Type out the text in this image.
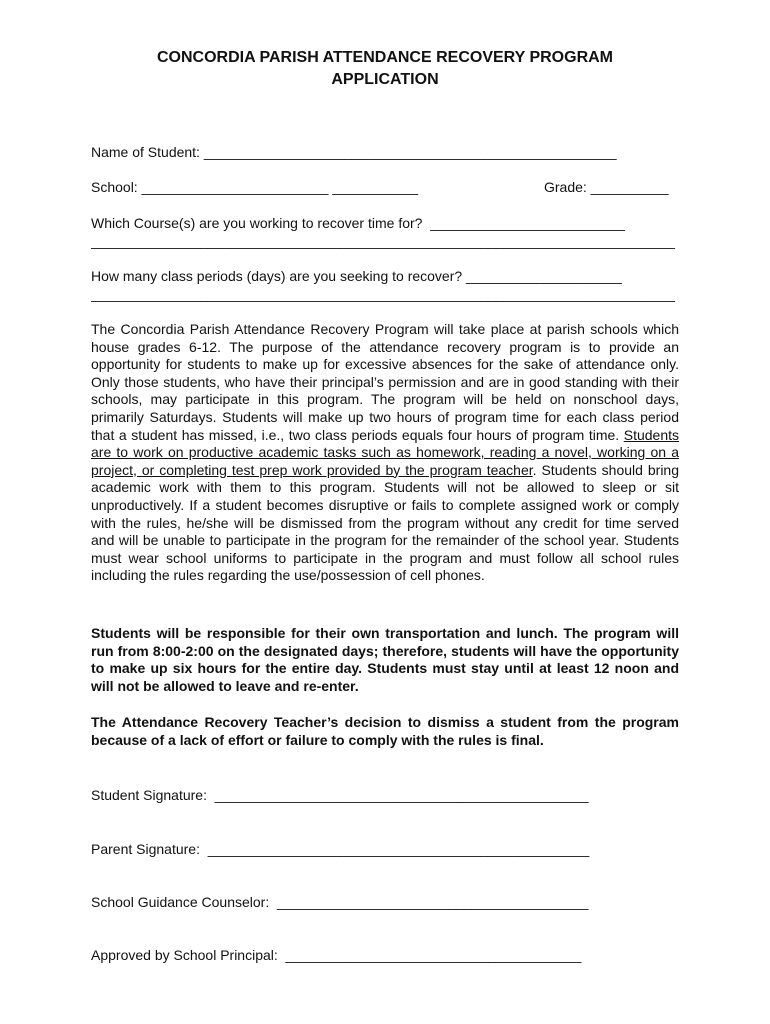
CONCORDIA PARISH ATTENDANCE RECOVERY PROGRAM
APPLICATION
Name of Student: _____________________________________________________
School: ________________________ ___________	Grade: __________
Which Course(s) are you working to recover time for?  _________________________
___________________________________________________________________________
How many class periods (days) are you seeking to recover? ____________________
___________________________________________________________________________

The Concordia Parish Attendance Recovery Program will take place at parish schools which house grades 6-12. The purpose of the attendance recovery program is to provide an opportunity for students to make up for excessive absences for the sake of attendance only. Only those students, who have their principal’s permission and are in good standing with their schools, may participate in this program. The program will be held on nonschool days, primarily Saturdays. Students will make up two hours of program time for each class period that a student has missed, i.e., two class periods equals four hours of program time. Students are to work on productive academic tasks such as homework, reading a novel, working on a project, or completing test prep work provided by the program teacher. Students should bring academic work with them to this program. Students will not be allowed to sleep or sit unproductively. If a student becomes disruptive or fails to complete assigned work or comply with the rules, he/she will be dismissed from the program without any credit for time served and will be unable to participate in the program for the remainder of the school year. Students must wear school uniforms to participate in the program and must follow all school rules including the rules regarding the use/possession of cell phones.

Students will be responsible for their own transportation and lunch. The program will run from 8:00-2:00 on the designated days; therefore, students will have the opportunity to make up six hours for the entire day. Students must stay until at least 12 noon and will not be allowed to leave and re-enter.

The Attendance Recovery Teacher’s decision to dismiss a student from the program because of a lack of effort or failure to comply with the rules is final.

Student Signature:  ________________________________________________
Parent Signature:  _________________________________________________
School Guidance Counselor:  ________________________________________
Approved by School Principal:  ______________________________________
